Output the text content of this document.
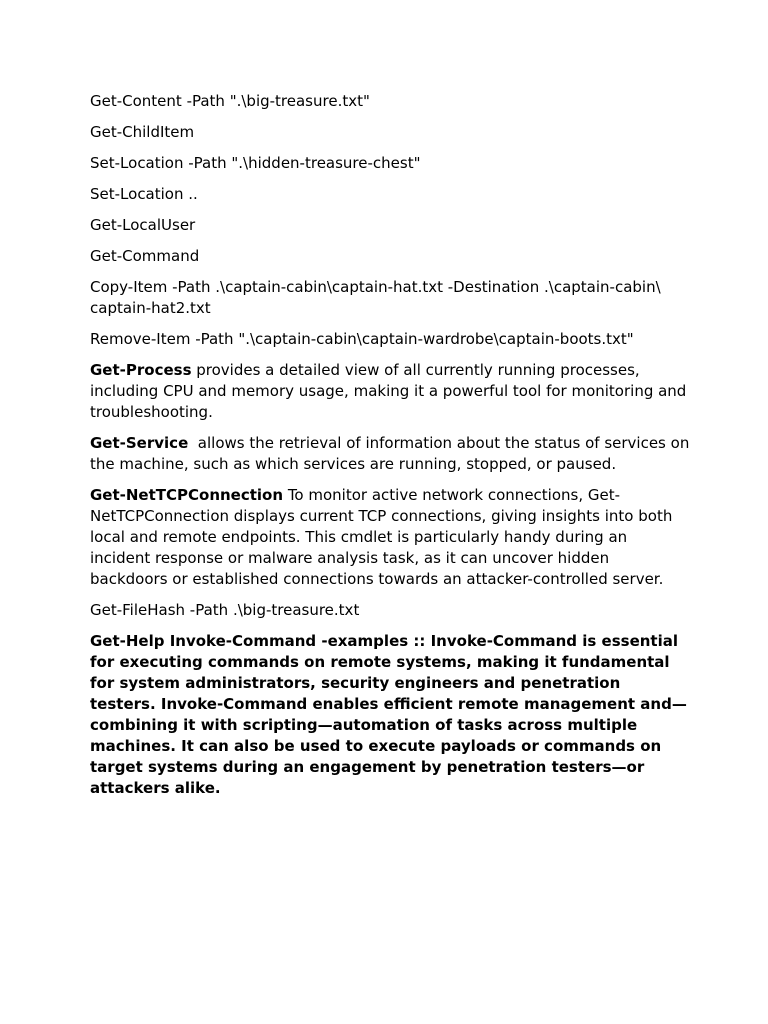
Get-Content -Path ".\big-treasure.txt"

Get-ChildItem

Set-Location -Path ".\hidden-treasure-chest"

Set-Location ..

Get-LocalUser

Get-Command

Copy-Item -Path .\captain-cabin\captain-hat.txt -Destination .\captain-cabin\ captain-hat2.txt

Remove-Item -Path ".\captain-cabin\captain-wardrobe\captain-boots.txt"

Get-Process provides a detailed view of all currently running processes, including CPU and memory usage, making it a powerful tool for monitoring and troubleshooting.

Get-Service  allows the retrieval of information about the status of services on the machine, such as which services are running, stopped, or paused.

Get-NetTCPConnection To monitor active network connections, Get-NetTCPConnection displays current TCP connections, giving insights into both local and remote endpoints. This cmdlet is particularly handy during an incident response or malware analysis task, as it can uncover hidden backdoors or established connections towards an attacker-controlled server.

Get-FileHash -Path .\big-treasure.txt

Get-Help Invoke-Command -examples :: Invoke-Command is essential for executing commands on remote systems, making it fundamental for system administrators, security engineers and penetration testers. Invoke-Command enables efficient remote management and—combining it with scripting—automation of tasks across multiple machines. It can also be used to execute payloads or commands on target systems during an engagement by penetration testers—or attackers alike.
